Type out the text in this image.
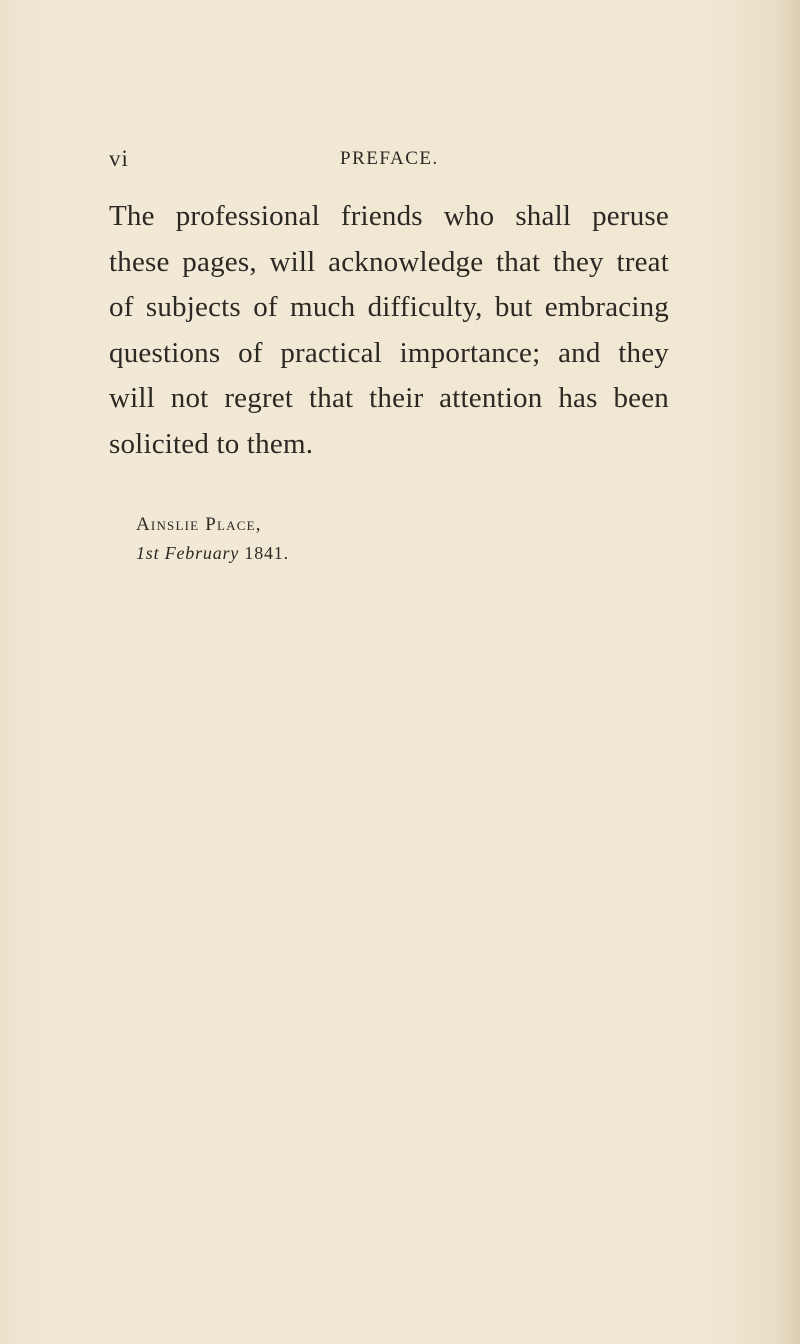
vi	PREFACE.
The professional friends who shall peruse
these pages, will acknowledge that they treat
of subjects of much difficulty, but embracing
questions of practical importance; and they
will not regret that their attention has been
solicited to them.
Ainslie Place,
1st February 1841.
